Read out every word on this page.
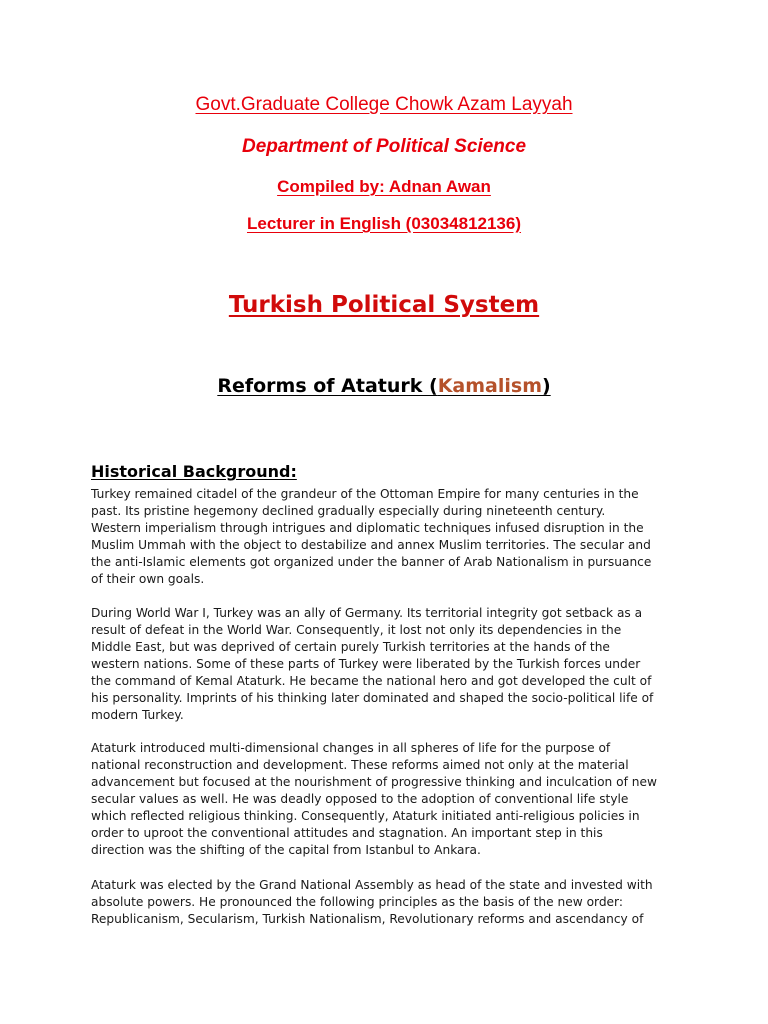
Govt.Graduate College Chowk Azam Layyah
Department of Political Science
Compiled by: Adnan Awan
Lecturer in English (03034812136)
Turkish Political System
Reforms of Ataturk (Kamalism)
Historical Background:
Turkey remained citadel of the grandeur of the Ottoman Empire for many centuries in the
past. Its pristine hegemony declined gradually especially during nineteenth century.
Western imperialism through intrigues and diplomatic techniques infused disruption in the
Muslim Ummah with the object to destabilize and annex Muslim territories. The secular and
the anti-Islamic elements got organized under the banner of Arab Nationalism in pursuance
of their own goals.
During World War I, Turkey was an ally of Germany. Its territorial integrity got setback as a
result of defeat in the World War. Consequently, it lost not only its dependencies in the
Middle East, but was deprived of certain purely Turkish territories at the hands of the
western nations. Some of these parts of Turkey were liberated by the Turkish forces under
the command of Kemal Ataturk. He became the national hero and got developed the cult of
his personality. Imprints of his thinking later dominated and shaped the socio-political life of
modern Turkey.
Ataturk introduced multi-dimensional changes in all spheres of life for the purpose of
national reconstruction and development. These reforms aimed not only at the material
advancement but focused at the nourishment of progressive thinking and inculcation of new
secular values as well. He was deadly opposed to the adoption of conventional life style
which reflected religious thinking. Consequently, Ataturk initiated anti-religious policies in
order to uproot the conventional attitudes and stagnation. An important step in this
direction was the shifting of the capital from Istanbul to Ankara.
Ataturk was elected by the Grand National Assembly as head of the state and invested with
absolute powers. He pronounced the following principles as the basis of the new order:
Republicanism, Secularism, Turkish Nationalism, Revolutionary reforms and ascendancy of
